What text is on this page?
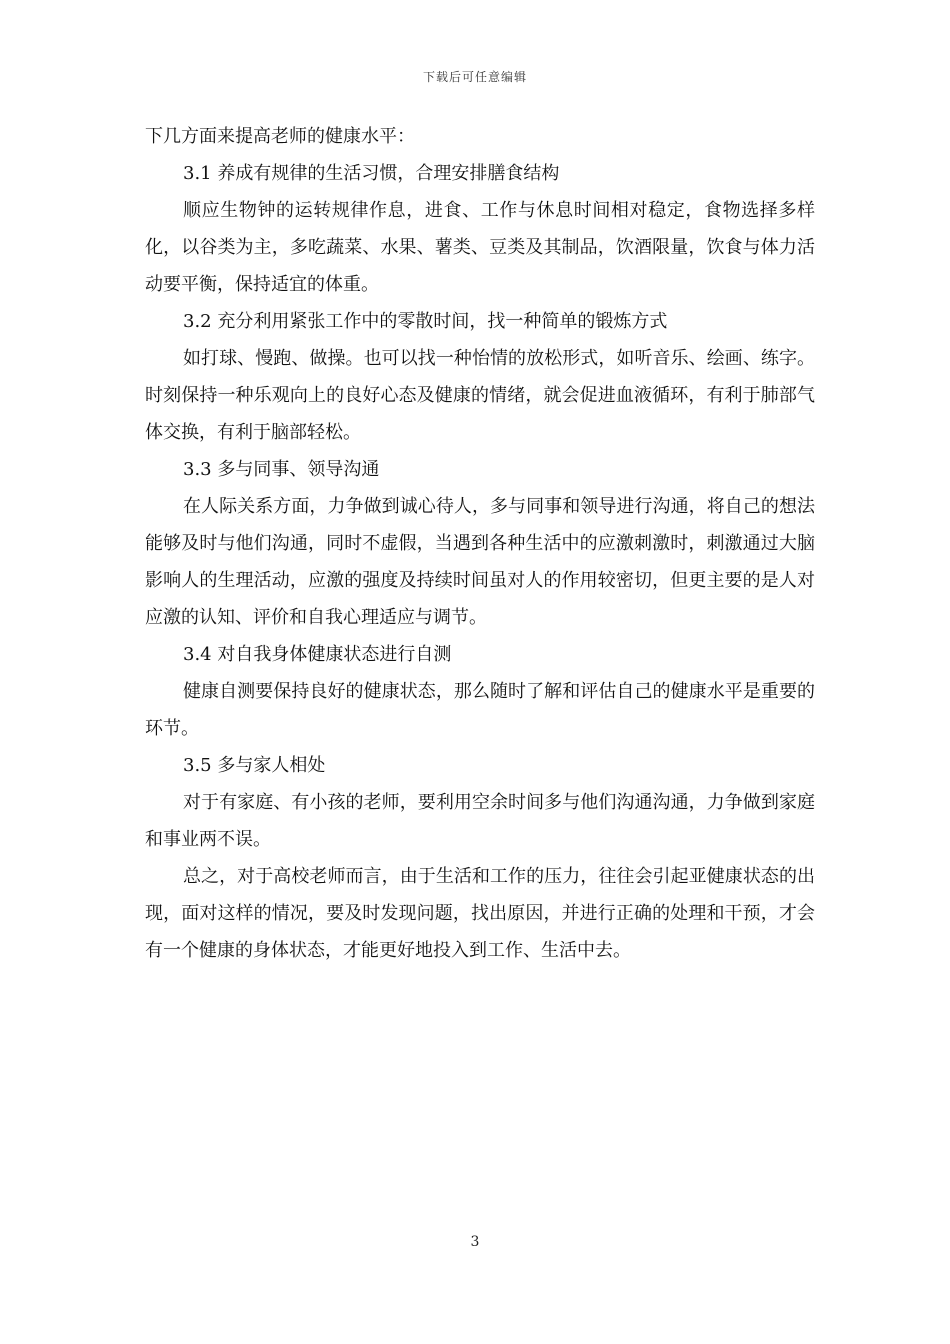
下载后可任意编辑

下几方面来提高老师的健康水平：

3.1 养成有规律的生活习惯，合理安排膳食结构

顺应生物钟的运转规律作息，进食、工作与休息时间相对稳定，食物选择多样化，以谷类为主，多吃蔬菜、水果、薯类、豆类及其制品，饮酒限量，饮食与体力活动要平衡，保持适宜的体重。

3.2 充分利用紧张工作中的零散时间，找一种简单的锻炼方式

如打球、慢跑、做操。也可以找一种怡情的放松形式，如听音乐、绘画、练字。时刻保持一种乐观向上的良好心态及健康的情绪，就会促进血液循环，有利于肺部气体交换，有利于脑部轻松。

3.3 多与同事、领导沟通

在人际关系方面，力争做到诚心待人，多与同事和领导进行沟通，将自己的想法能够及时与他们沟通，同时不虚假，当遇到各种生活中的应激刺激时，刺激通过大脑影响人的生理活动，应激的强度及持续时间虽对人的作用较密切，但更主要的是人对应激的认知、评价和自我心理适应与调节。

3.4 对自我身体健康状态进行自测

健康自测要保持良好的健康状态，那么随时了解和评估自己的健康水平是重要的环节。

3.5 多与家人相处

对于有家庭、有小孩的老师，要利用空余时间多与他们沟通沟通，力争做到家庭和事业两不误。

总之，对于高校老师而言，由于生活和工作的压力，往往会引起亚健康状态的出现，面对这样的情况，要及时发现问题，找出原因，并进行正确的处理和干预，才会有一个健康的身体状态，才能更好地投入到工作、生活中去。

3
